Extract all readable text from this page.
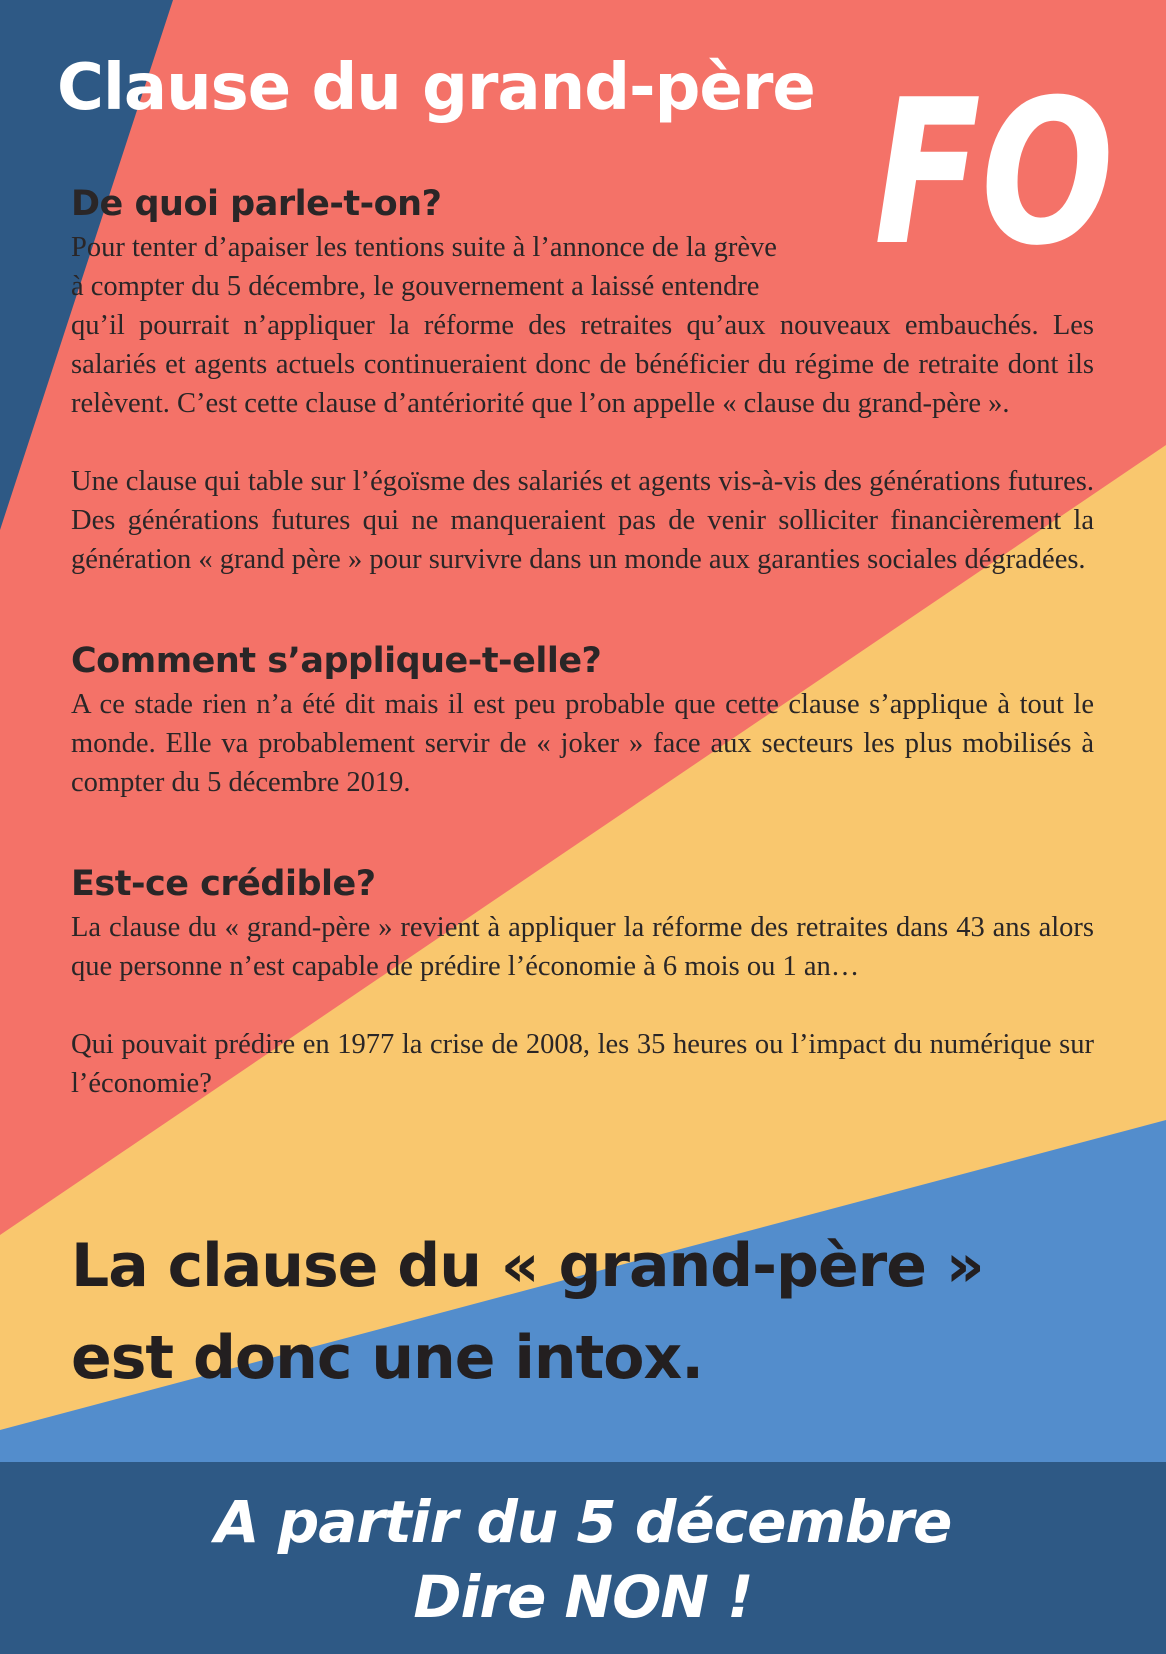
Clause du grand-père FO
De quoi parle-t-on?

Pour tenter d’apaiser les tentions suite à l’annonce de la grève
à compter du 5 décembre, le gouvernement a laissé entendre

qu’il pourrait n’appliquer la réforme des retraites qu’aux nouveaux embauchés. Les salariés et agents actuels continueraient donc de bénéficier du régime de retraite dont ils relèvent. C’est cette clause d’antériorité que l’on appelle « clause du grand-père ».

Une clause qui table sur l’égoïsme des salariés et agents vis-à-vis des générations futures. Des générations futures qui ne manqueraient pas de venir solliciter financièrement la génération « grand père » pour survivre dans un monde aux garanties sociales dégradées.

Comment s’applique-t-elle?

A ce stade rien n’a été dit mais il est peu probable que cette clause s’applique à tout le monde. Elle va probablement servir de « joker » face aux secteurs les plus mobilisés à compter du 5 décembre 2019.

Est-ce crédible?

La clause du « grand-père » revient à appliquer la réforme des retraites dans 43 ans alors que personne n’est capable de prédire l’économie à 6 mois ou 1 an…

Qui pouvait prédire en 1977 la crise de 2008, les 35 heures ou l’impact du numérique sur l’économie?

La clause du « grand-père »
est donc une intox.
A partir du 5 décembre
Dire NON !
